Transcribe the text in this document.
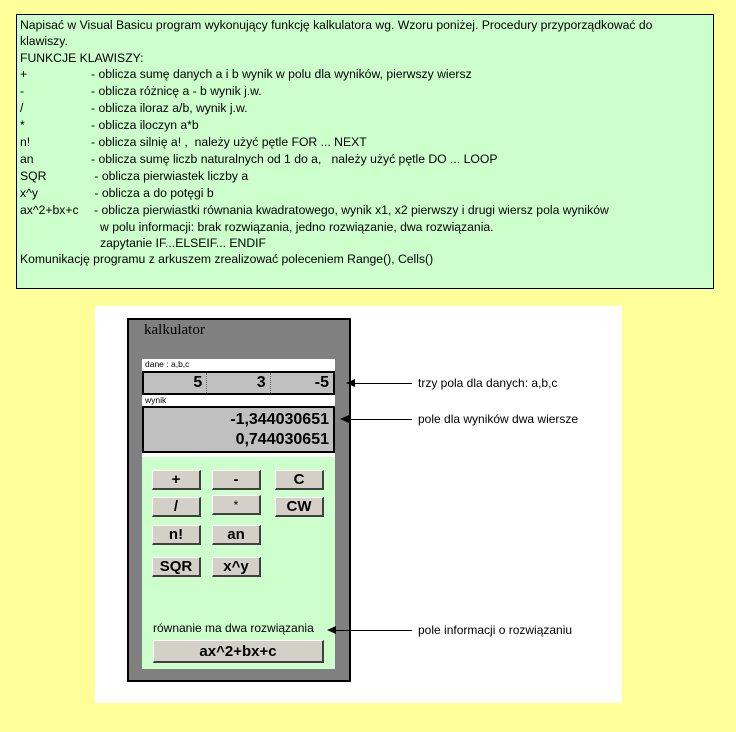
Napisać w Visual Basicu program wykonujący funkcję kalkulatora wg. Wzoru poniżej. Procedury przyporządkować do
klawiszy.
FUNKCJE KLAWISZY:
+	- oblicza sumę danych a i b wynik w polu dla wyników, pierwszy wiersz
-	- oblicza różnicę a - b wynik j.w.
/	- oblicza iloraz a/b, wynik j.w.
*	- oblicza iloczyn a*b
n!	- oblicza silnię a! ,  należy użyć pętle FOR ... NEXT
an	- oblicza sumę liczb naturalnych od 1 do a,   należy użyć pętle DO ... LOOP
SQR	- oblicza pierwiastek liczby a
x^y	- oblicza a do potęgi b
ax^2+bx+c	- oblicza pierwiastki równania kwadratowego, wynik x1, x2 pierwszy i drugi wiersz pola wyników
w polu informacji: brak rozwiązania, jedno rozwiązanie, dwa rozwiązania.
zapytanie IF...ELSEIF... ENDIF
Komunikację programu z arkuszem zrealizować poleceniem Range(), Cells()
kalkulator
dane : a,b,c
5	3	-5
wynik
-1,344030651
0,744030651
+	-	C
/	*	CW
n!	an
SQR	x^y
równanie ma dwa rozwiązania
ax^2+bx+c
trzy pola dla danych: a,b,c
pole dla wyników dwa wiersze
pole informacji o rozwiązaniu
